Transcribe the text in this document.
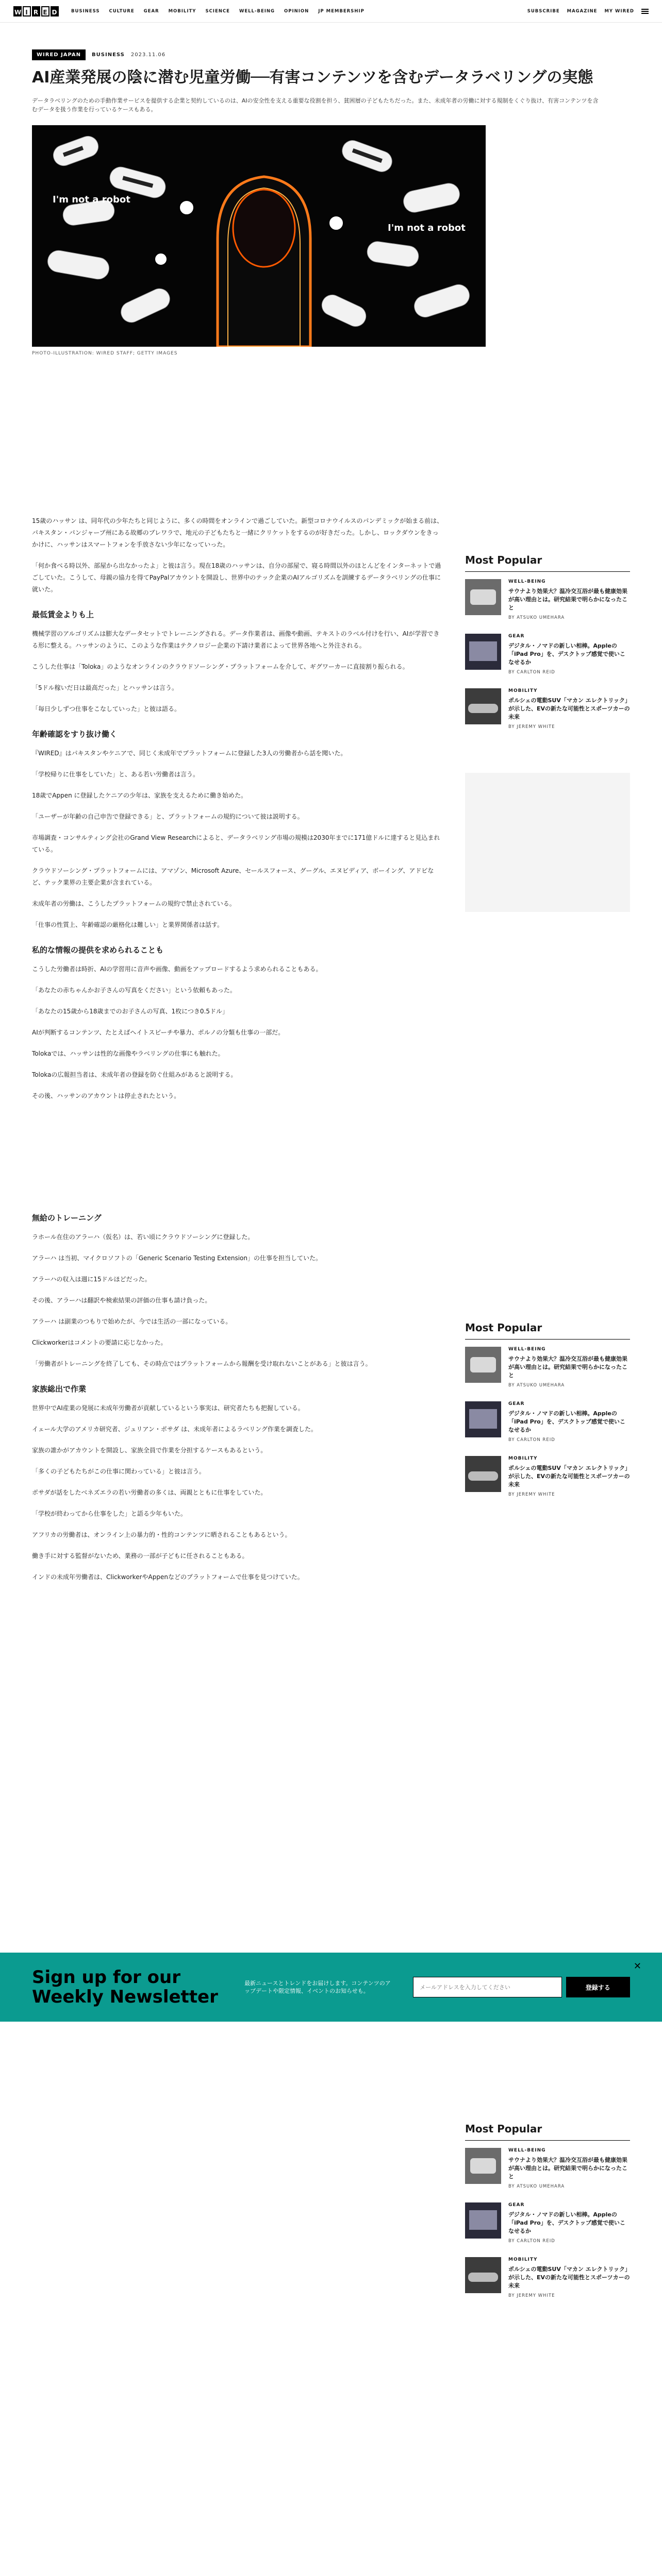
W I R E D	BUSINESS CULTURE GEAR MOBILITY SCIENCE WELL-BEING OPINION JP MEMBERSHIP	SUBSCRIBE MAGAZINE MY WIRED
WIRED JAPAN	BUSINESS 2023.11.06
AI産業発展の陰に潜む児童労働──有害コンテンツを含むデータラベリングの実態
データラベリングのための手動作業サービスを提供する企業と契約しているのは、AIの安全性を支える重要な役割を担う、貧困層の子どもたちだった。また、未成年者の労働に対する規制をくぐり抜け、有害コンテンツを含むデータを扱う作業を行っているケースもある。
I'm not a robot
I'm not a robot
PHOTO-ILLUSTRATION: WIRED STAFF; GETTY IMAGES

15歳のハッサン は、同年代の少年たちと同じように、多くの時間をオンラインで過ごしていた。新型コロナウイルスのパンデミックが始まる前は、パキスタン・パンジャーブ州にある故郷のブレワラで、地元の子どもたちと一緒にクリケットをするのが好きだった。しかし、ロックダウンをきっかけに、ハッサンはスマートフォンを手放さない少年になっていった。

「何か食べる時以外、部屋から出なかったよ」と彼は言う。現在18歳のハッサンは、自分の部屋で、寝る時間以外のほとんどをインターネットで過ごしていた。こうして、母親の協力を得てPayPalアカウントを開設し、世界中のテック企業のAIアルゴリズムを訓練するデータラベリングの仕事に就いた。

最低賃金よりも上

機械学習のアルゴリズムは膨大なデータセットでトレーニングされる。データ作業者は、画像や動画、テキストのラベル付けを行い、AIが学習できる形に整える。ハッサンのように、このような作業はテクノロジー企業の下請け業者によって世界各地へと外注される。

こうした仕事は「Toloka」のようなオンラインのクラウドソーシング・プラットフォームを介して、ギグワーカーに直接割り振られる。

「5ドル稼いだ日は最高だった」とハッサンは言う。

「毎日少しずつ仕事をこなしていった」と彼は語る。

年齢確認をすり抜け働く

『WIRED』はパキスタンやケニアで、同じく未成年でプラットフォームに登録した3人の労働者から話を聞いた。

「学校帰りに仕事をしていた」と、ある若い労働者は言う。

18歳でAppen に登録したケニアの少年は、家族を支えるために働き始めた。

「ユーザーが年齢の自己申告で登録できる」と、プラットフォームの規約について彼は説明する。

市場調査・コンサルティング会社のGrand View Researchによると、データラベリング市場の規模は2030年までに171億ドルに達すると見込まれている。

クラウドソーシング・プラットフォームには、アマゾン、Microsoft Azure、セールスフォース、グーグル、エヌビディア、ボーイング、アドビなど、テック業界の主要企業が含まれている。

未成年者の労働は、こうしたプラットフォームの規約で禁止されている。

「仕事の性質上、年齢確認の厳格化は難しい」と業界関係者は話す。

私的な情報の提供を求められることも

こうした労働者は時折、AIの学習用に音声や画像、動画をアップロードするよう求められることもある。

「あなたの赤ちゃんかお子さんの写真をください」という依頼もあった。

「あなたの15歳から18歳までのお子さんの写真、1枚につき0.5ドル」

AIが判断するコンテンツ、たとえばヘイトスピーチや暴力、ポルノの分類も仕事の一部だ。

Tolokaでは、ハッサンは性的な画像やラベリングの仕事にも触れた。

Tolokaの広報担当者は、未成年者の登録を防ぐ仕組みがあると説明する。

その後、ハッサンのアカウントは停止されたという。

無給のトレーニング

ラホール在住のアラーハ（仮名）は、若い頃にクラウドソーシングに登録した。

アラーハ は当初、マイクロソフトの「Generic Scenario Testing Extension」の仕事を担当していた。

アラーハの収入は週に15ドルほどだった。

その後、アラーハは翻訳や検索結果の評価の仕事も請け負った。

アラーハ は副業のつもりで始めたが、今では生活の一部になっている。

Clickworkerはコメントの要請に応じなかった。

「労働者がトレーニングを終了しても、その時点ではプラットフォームから報酬を受け取れないことがある」と彼は言う。

家族総出で作業

世界中でAI産業の発展に未成年労働者が貢献しているという事実は、研究者たちも把握している。

イェール大学のアメリカ研究者、ジュリアン・ポサダ は、未成年者によるラベリング作業を調査した。

家族の誰かがアカウントを開設し、家族全員で作業を分担するケースもあるという。

「多くの子どもたちがこの仕事に関わっている」と彼は言う。

ポサダが話をしたベネズエラの若い労働者の多くは、両親とともに仕事をしていた。

「学校が終わってから仕事をした」と語る少年もいた。

アフリカの労働者は、オンライン上の暴力的・性的コンテンツに晒されることもあるという。

働き手に対する監督がないため、業務の一部が子どもに任されることもある。

インドの未成年労働者は、ClickworkerやAppenなどのプラットフォームで仕事を見つけていた。

Most Popular
WELL-BEING
サウナより効果大？温冷交互浴が最も健康効果が高い理由とは。研究結果で明らかになったこと
BY ATSUKO UMEHARA
GEAR
デジタル・ノマドの新しい相棒。Appleの「iPad Pro」を、デスクトップ感覚で使いこなせるか
BY CARLTON REID
MOBILITY
ポルシェの電動SUV「マカン エレクトリック」が示した、EVの新たな可能性とスポーツカーの未来
BY JEREMY WHITE
Most Popular
WELL-BEING
サウナより効果大？温冷交互浴が最も健康効果が高い理由とは。研究結果で明らかになったこと
BY ATSUKO UMEHARA
GEAR
デジタル・ノマドの新しい相棒。Appleの「iPad Pro」を、デスクトップ感覚で使いこなせるか
BY CARLTON REID
MOBILITY
ポルシェの電動SUV「マカン エレクトリック」が示した、EVの新たな可能性とスポーツカーの未来
BY JEREMY WHITE
Sign up for our Weekly Newsletter
最新ニュースとトレンドをお届けします。コンテンツのアップデートや限定情報、イベントのお知らせも。
メールアドレスを入力してください	登録する
✕
Most Popular
WELL-BEING
サウナより効果大？温冷交互浴が最も健康効果が高い理由とは。研究結果で明らかになったこと
BY ATSUKO UMEHARA
GEAR
デジタル・ノマドの新しい相棒。Appleの「iPad Pro」を、デスクトップ感覚で使いこなせるか
BY CARLTON REID
MOBILITY
ポルシェの電動SUV「マカン エレクトリック」が示した、EVの新たな可能性とスポーツカーの未来
BY JEREMY WHITE
